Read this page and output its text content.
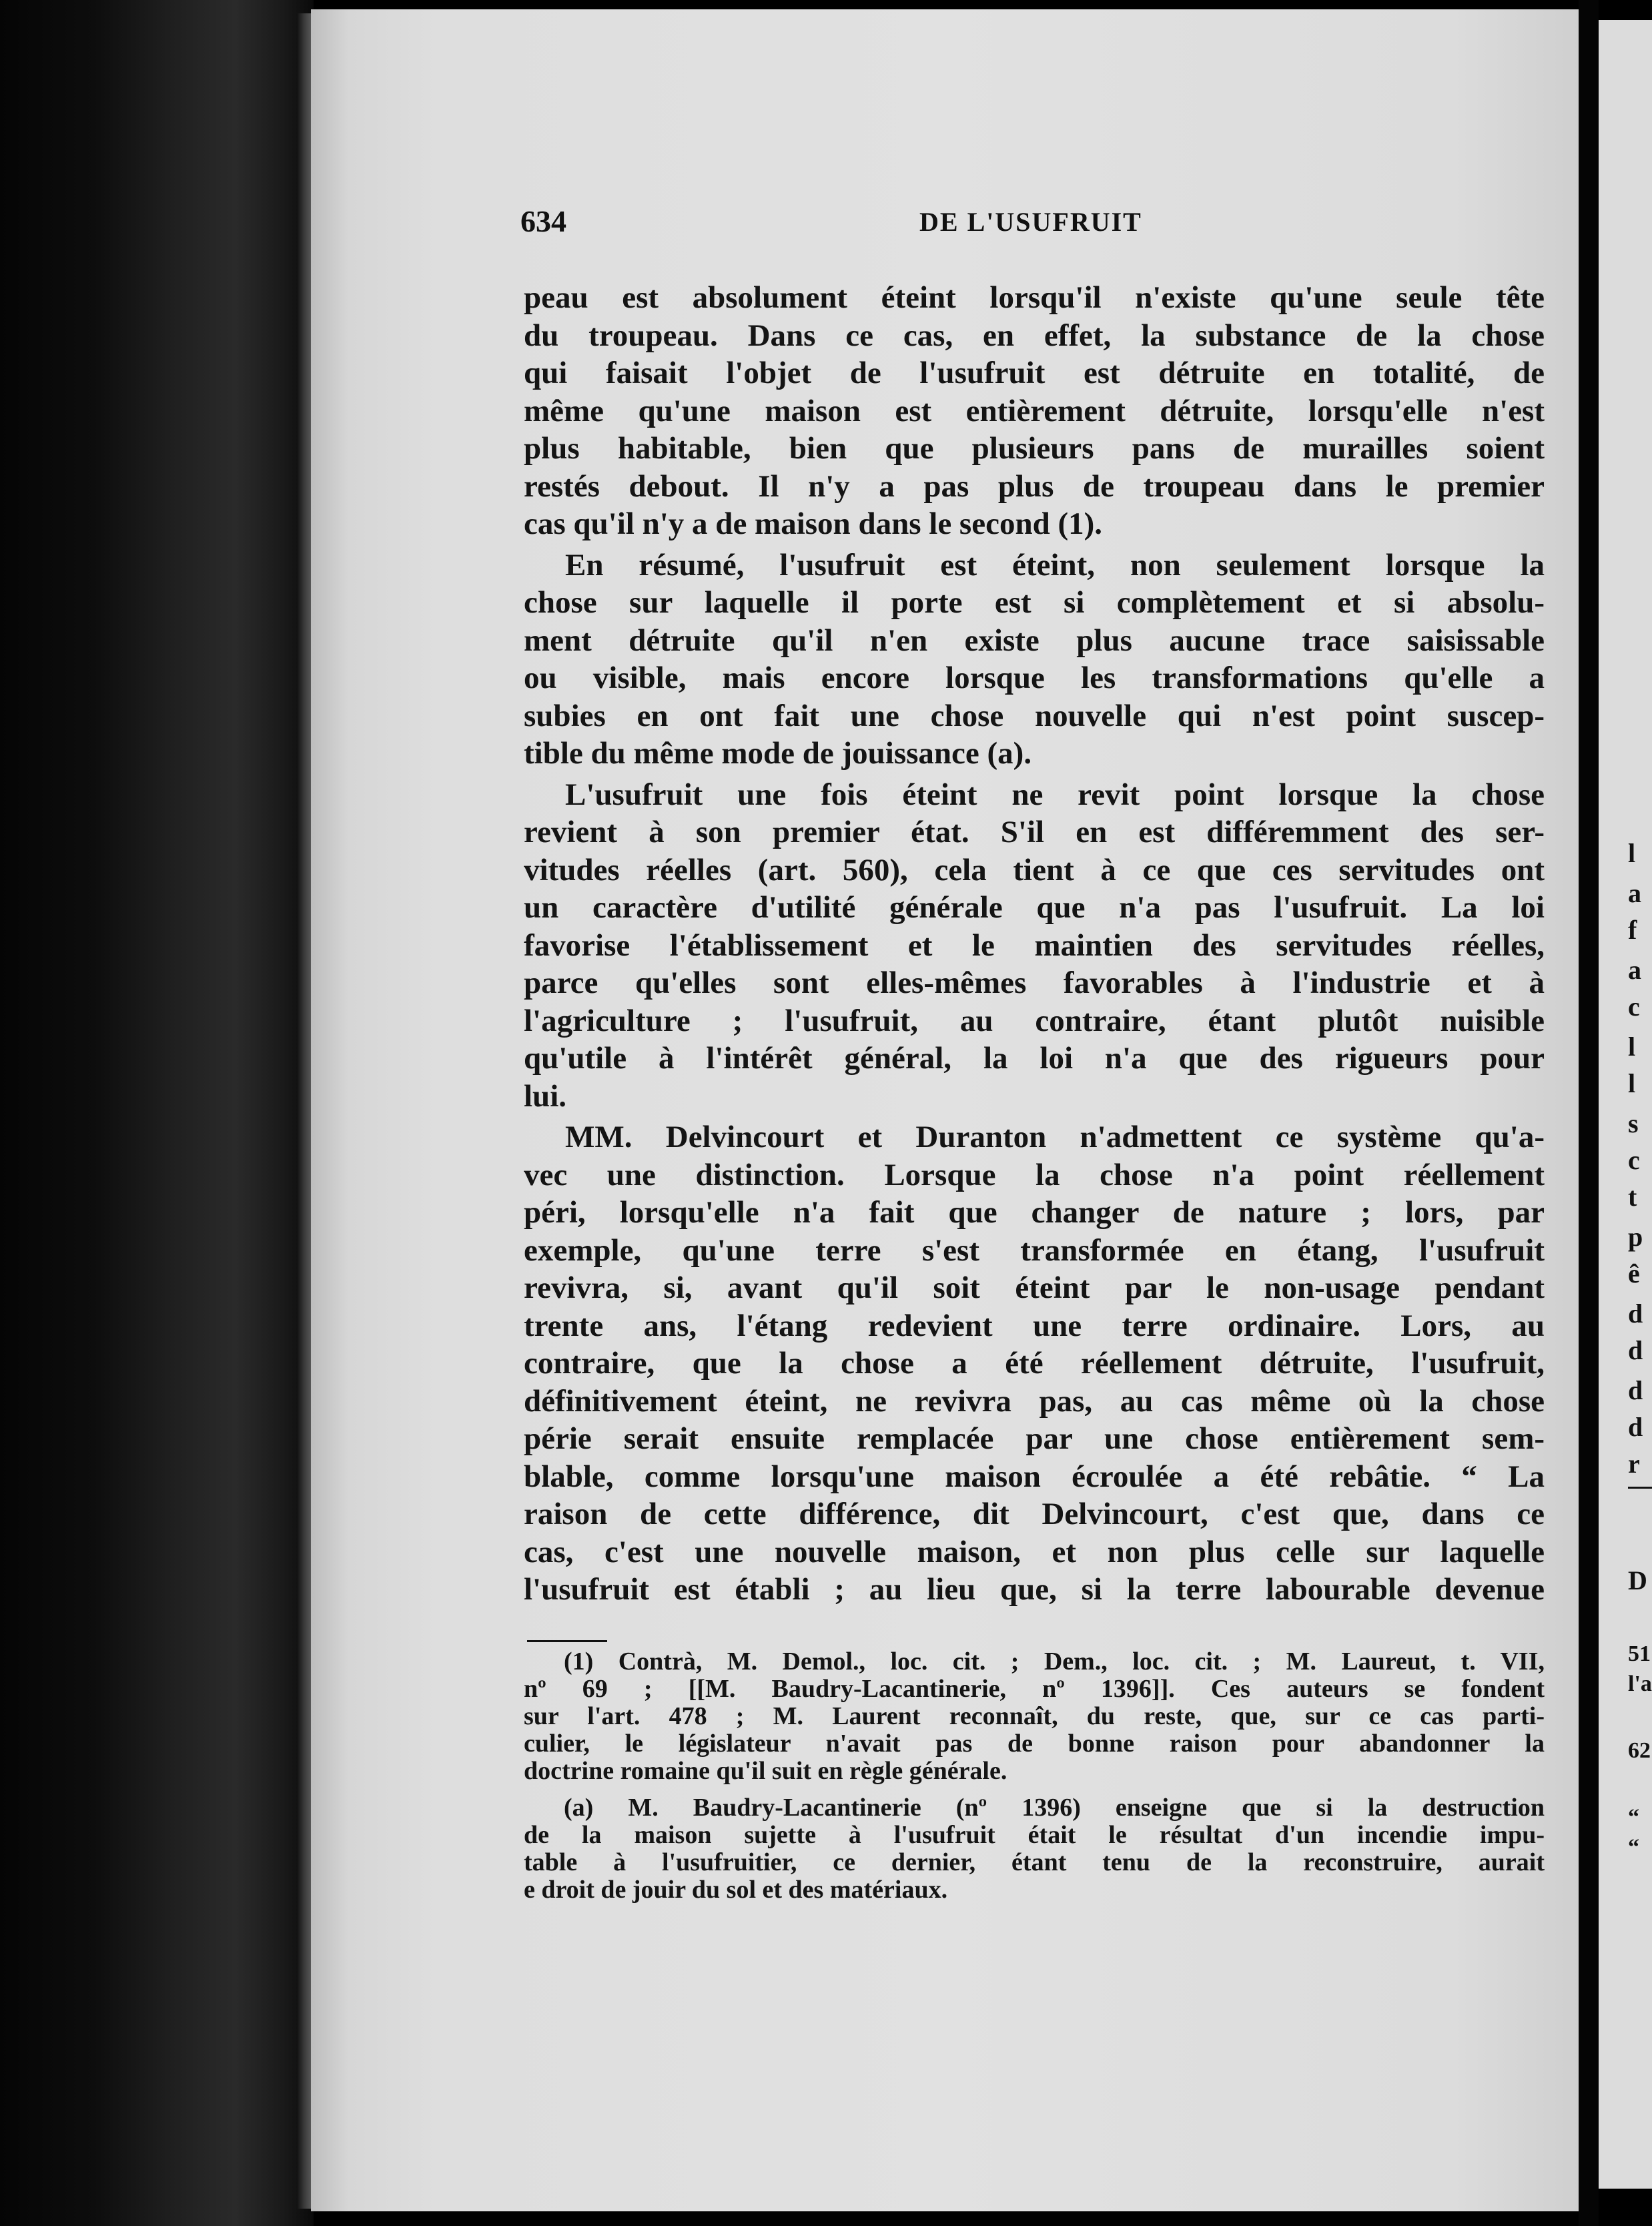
634	DE L'USUFRUIT
peau est absolument éteint lorsqu'il n'existe qu'une seule tête
du troupeau. Dans ce cas, en effet, la substance de la chose
qui faisait l'objet de l'usufruit est détruite en totalité, de
même qu'une maison est entièrement détruite, lorsqu'elle n'est
plus habitable, bien que plusieurs pans de murailles soient
restés debout. Il n'y a pas plus de troupeau dans le premier
cas qu'il n'y a de maison dans le second (1).
En résumé, l'usufruit est éteint, non seulement lorsque la
chose sur laquelle il porte est si complètement et si absolu-
ment détruite qu'il n'en existe plus aucune trace saisissable
ou visible, mais encore lorsque les transformations qu'elle a
subies en ont fait une chose nouvelle qui n'est point suscep-
tible du même mode de jouissance (a).
L'usufruit une fois éteint ne revit point lorsque la chose
revient à son premier état. S'il en est différemment des ser-
vitudes réelles (art. 560), cela tient à ce que ces servitudes ont
un caractère d'utilité générale que n'a pas l'usufruit. La loi
favorise l'établissement et le maintien des servitudes réelles,
parce qu'elles sont elles-mêmes favorables à l'industrie et à
l'agriculture ; l'usufruit, au contraire, étant plutôt nuisible
qu'utile à l'intérêt général, la loi n'a que des rigueurs pour
lui.
MM. Delvincourt et Duranton n'admettent ce système qu'a-
vec une distinction. Lorsque la chose n'a point réellement
péri, lorsqu'elle n'a fait que changer de nature ; lors, par
exemple, qu'une terre s'est transformée en étang, l'usufruit
revivra, si, avant qu'il soit éteint par le non-usage pendant
trente ans, l'étang redevient une terre ordinaire. Lors, au
contraire, que la chose a été réellement détruite, l'usufruit,
définitivement éteint, ne revivra pas, au cas même où la chose
périe serait ensuite remplacée par une chose entièrement sem-
blable, comme lorsqu'une maison écroulée a été rebâtie. “ La
raison de cette différence, dit Delvincourt, c'est que, dans ce
cas, c'est une nouvelle maison, et non plus celle sur laquelle
l'usufruit est établi ; au lieu que, si la terre labourable devenue
(1) Contrà, M. Demol., loc. cit. ; Dem., loc. cit. ; M. Laureut, t. VII,
nº 69 ; [[M. Baudry-Lacantinerie, nº 1396]]. Ces auteurs se fondent
sur l'art. 478 ; M. Laurent reconnaît, du reste, que, sur ce cas parti-
culier, le législateur n'avait pas de bonne raison pour abandonner la
doctrine romaine qu'il suit en règle générale.
(a) M. Baudry-Lacantinerie (nº 1396) enseigne que si la destruction
de la maison sujette à l'usufruit était le résultat d'un incendie impu-
table à l'usufruitier, ce dernier, étant tenu de la reconstruire, aurait
e droit de jouir du sol et des matériaux.
l
a
f
a
c
l
l
s
c
t
p
ê
d
d
d
d
r
D
51
l'a
62
“
“
